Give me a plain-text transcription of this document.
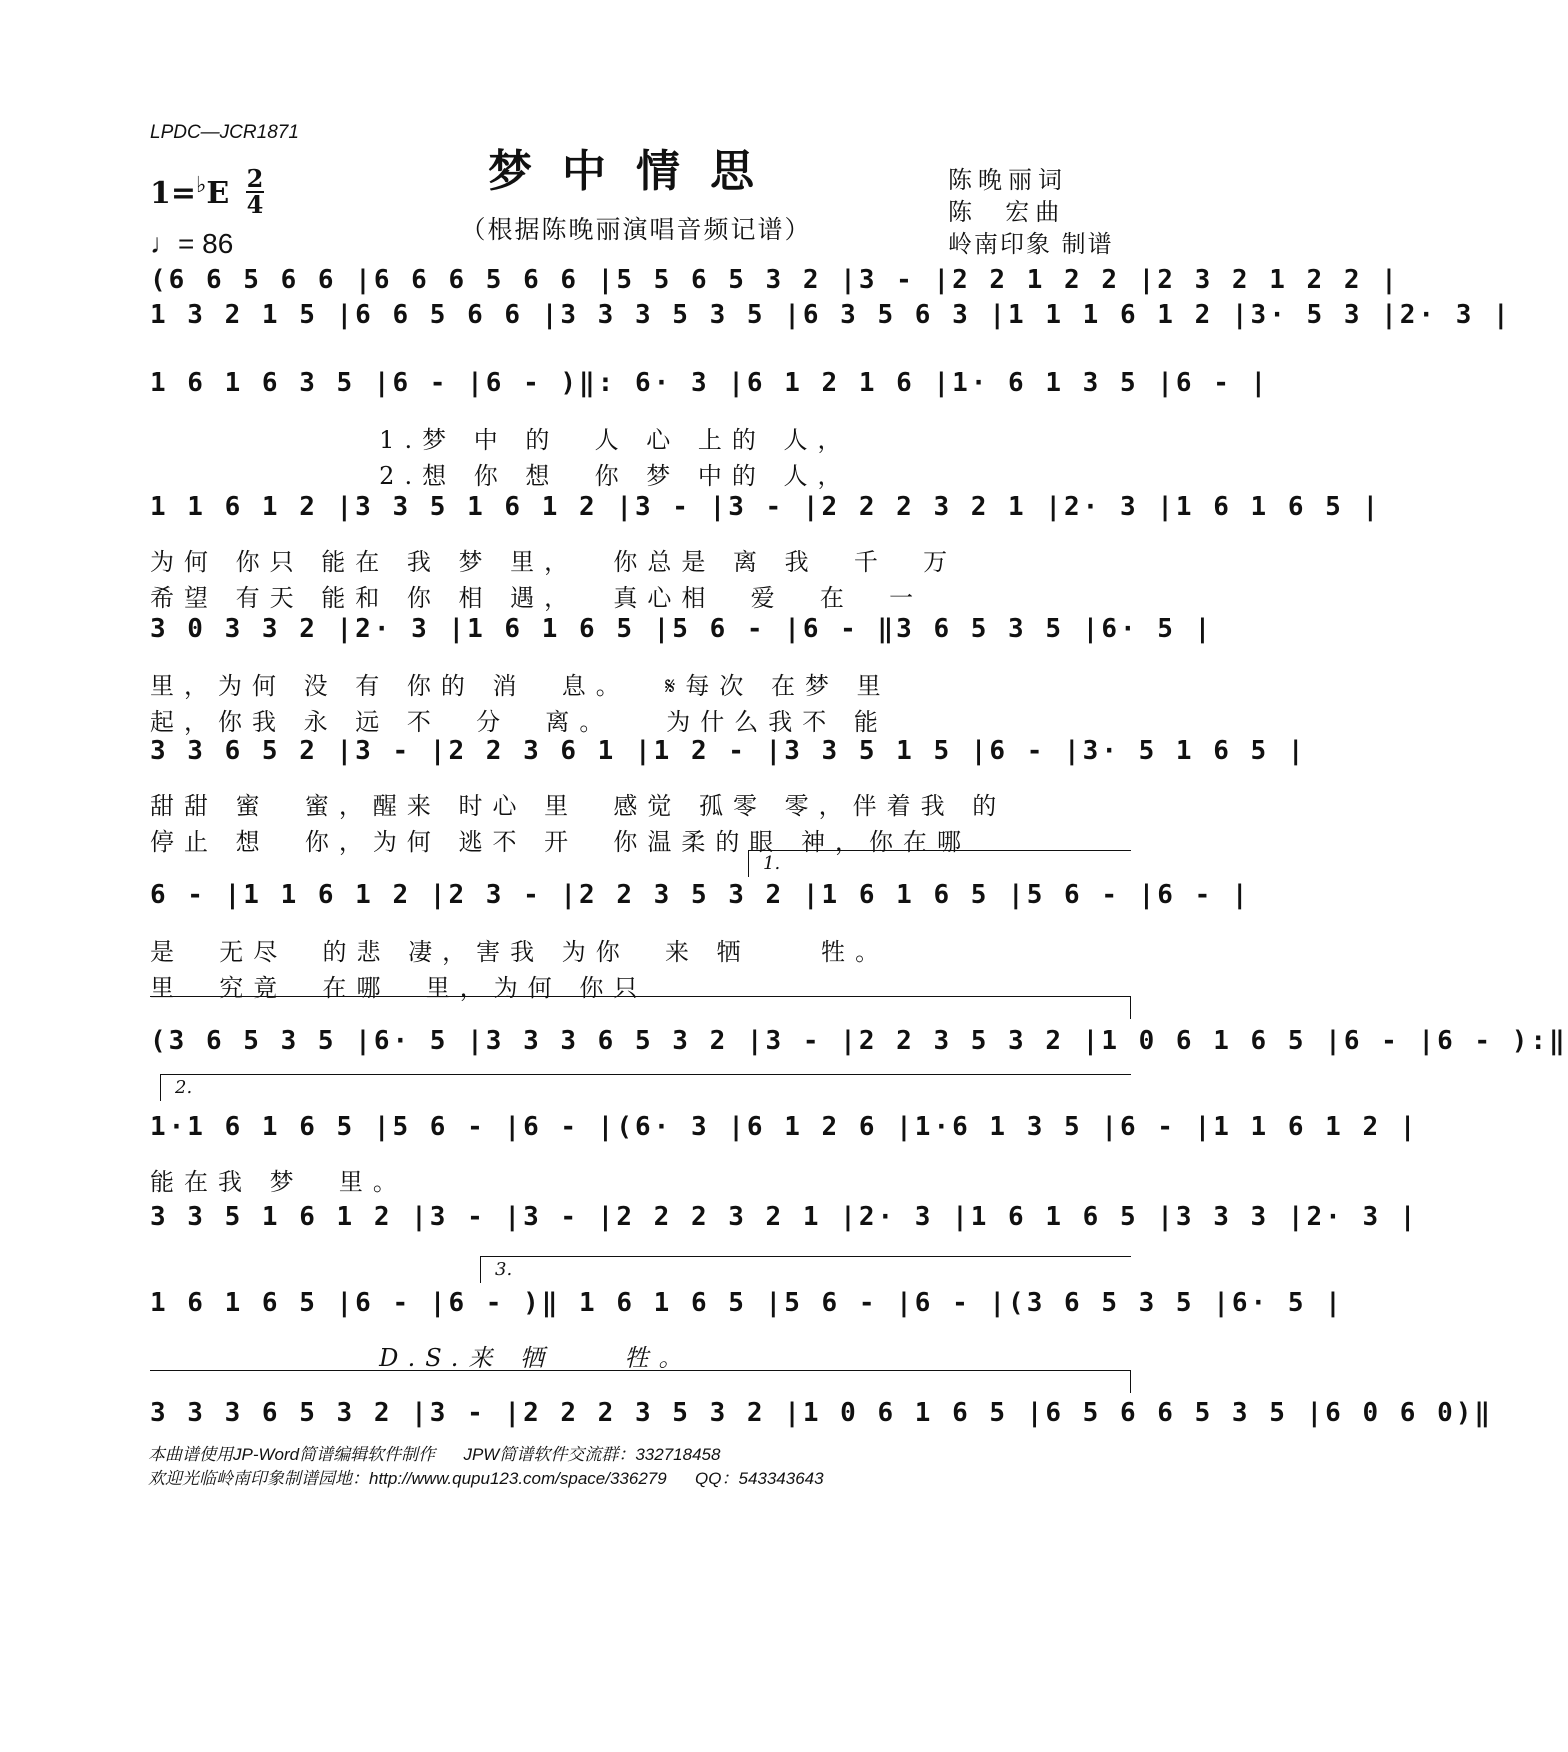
LPDC—JCR1871
梦中情思
（根据陈晚丽演唱音频记谱）
1=♭E 2
4
♩= 86
陈晚丽词
陈  宏曲
岭南印象 制谱
(6 6 5 6 6 |6 6 6 5 6 6 |5 5 6 5 3 2 |3 - |2 2 1 2 2 |2 3 2 1 2 2 |
1 3 2 1 5 |6 6 5 6 6 |3 3 3 5 3 5 |6 3 5 6 3 |1 1 1 6 1 2 |3· 5 3 |2· 3 |
1 6 1 6 3 5 |6 - |6 - )‖: 6· 3 |6 1 2 1 6 |1· 6 1 3 5 |6 - |
1.梦 中 的  人 心 上的 人，
2.想 你 想  你 梦 中的 人，
1 1 6 1 2 |3 3 5 1 6 1 2 |3 - |3 - |2 2 2 3 2 1 |2· 3 |1 6 1 6 5 |
为何 你只 能在 我 梦 里，  你总是 离 我  千  万
希望 有天 能和 你 相 遇，  真心相  爱  在  一
3 0 3 3 2 |2· 3 |1 6 1 6 5 |5 6 - |6 - ‖3 6 5 3 5 |6· 5 |
里，为何 没 有 你的 消  息。  𝄋每次 在梦 里
起，你我 永 远 不  分  离。   为什么我不 能
3 3 6 5 2 |3 - |2 2 3 6 1 |1 2 - |3 3 5 1 5 |6 - |3· 5 1 6 5 |
甜甜 蜜  蜜，醒来 时心 里  感觉 孤零 零，伴着我 的
停止 想  你，为何 逃不 开  你温柔的眼 神，你在哪
1.
6 - |1 1 6 1 2 |2 3 - |2 2 3 5 3 2 |1 6 1 6 5 |5 6 - |6 - |
是  无尽  的悲 凄，害我 为你  来 牺    牲。
里  究竟  在哪  里，为何 你只
(3 6 5 3 5 |6· 5 |3 3 3 6 5 3 2 |3 - |2 2 3 5 3 2 |1 0 6 1 6 5 |6 - |6 - ):‖
2.
1·1 6 1 6 5 |5 6 - |6 - |(6· 3 |6 1 2 6 |1·6 1 3 5 |6 - |1 1 6 1 2 |
能在我 梦  里。
3 3 5 1 6 1 2 |3 - |3 - |2 2 2 3 2 1 |2· 3 |1 6 1 6 5 |3 3 3 |2· 3 |
3.
1 6 1 6 5 |6 - |6 - )‖ 1 6 1 6 5 |5 6 - |6 - |(3 6 5 3 5 |6· 5 |
D.S.来 牺    牲。
3 3 3 6 5 3 2 |3 - |2 2 2 3 5 3 2 |1 0 6 1 6 5 |6 5 6 6 5 3 5 |6 0 6 0)‖
本曲谱使用JP-Word简谱编辑软件制作      JPW简谱软件交流群：332718458
欢迎光临岭南印象制谱园地：http://www.qupu123.com/space/336279      QQ：543343643
